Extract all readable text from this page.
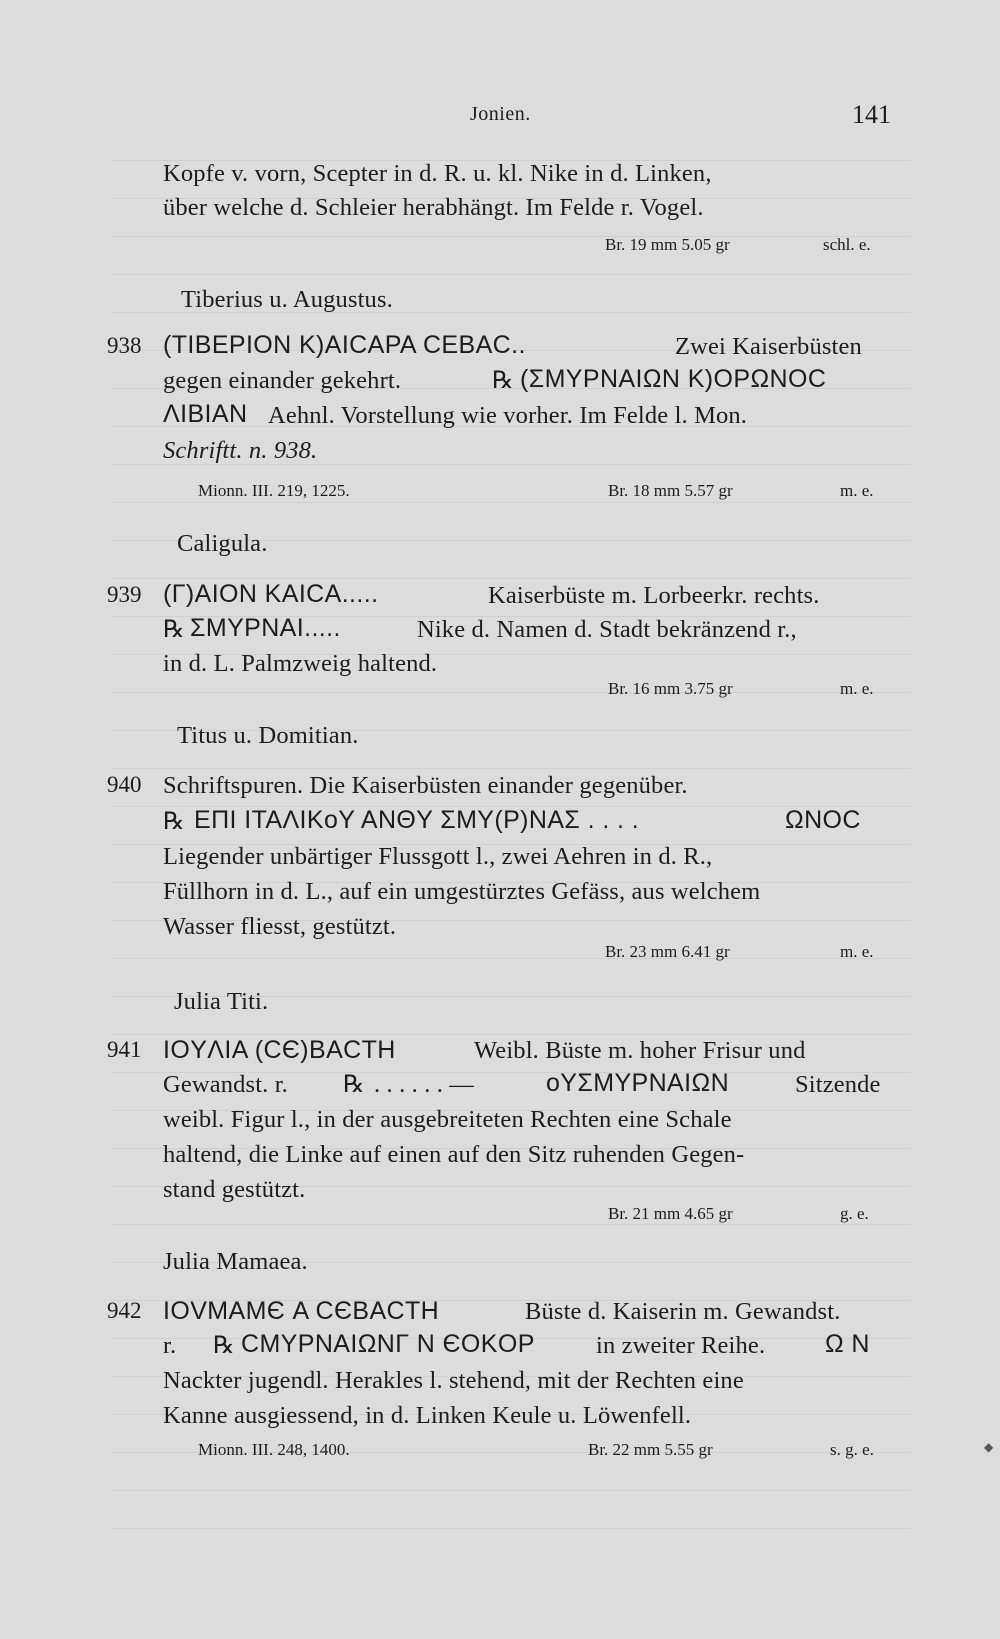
Jonien.	141
Kopfe v. vorn, Scepter in d. R. u. kl. Nike in d. Linken,
über welche d. Schleier herabhängt. Im Felde r. Vogel.
Br. 19 mm 5.05 gr	schl. e.
Tiberius u. Augustus.
938 (TIBEPION K)AICAPA CEBAC..	Zwei Kaiserbüsten
gegen einander gekehrt.	℞ (ΣMYPNAIΩN K)OPΩNOC
ΛIBIAN Aehnl. Vorstellung wie vorher. Im Felde l. Mon.
Schriftt. n. 938.
Mionn. III. 219, 1225.	Br. 18 mm 5.57 gr	m. e.
Caligula.
939 (Γ)AION KAICA.....	Kaiserbüste m. Lorbeerkr. rechts.
℞ ΣMYPNAI.....	Nike d. Namen d. Stadt bekränzend r.,
in d. L. Palmzweig haltend.
Br. 16 mm 3.75 gr	m. e.
Titus u. Domitian.
940 Schriftspuren. Die Kaiserbüsten einander gegenüber.
℞ EΠI ITAΛIKoY ANΘY ΣMY(P)NAΣ . . . .	ΩNOC
Liegender unbärtiger Flussgott l., zwei Aehren in d. R.,
Füllhorn in d. L., auf ein umgestürztes Gefäss, aus welchem
Wasser fliesst, gestützt.
Br. 23 mm 6.41 gr	m. e.
Julia Titi.
941 IOYΛIA (CЄ)BACTH	Weibl. Büste m. hoher Frisur und
Gewandst. r. ℞ . . . . . . —	oYΣMYPNAIΩN	Sitzende
weibl. Figur l., in der ausgebreiteten Rechten eine Schale
haltend, die Linke auf einen auf den Sitz ruhenden Gegen-
stand gestützt.
Br. 21 mm 4.65 gr	g. e.
Julia Mamaea.
942 IOVMAMЄ A CЄBACTH	Büste d. Kaiserin m. Gewandst.
r. ℞ CMYPNAIΩNΓ N ЄOKOP in zweiter Reihe. Ω N
Nackter jugendl. Herakles l. stehend, mit der Rechten eine
Kanne ausgiessend, in d. Linken Keule u. Löwenfell.
Mionn. III. 248, 1400.	Br. 22 mm 5.55 gr	s. g. e.	◆
